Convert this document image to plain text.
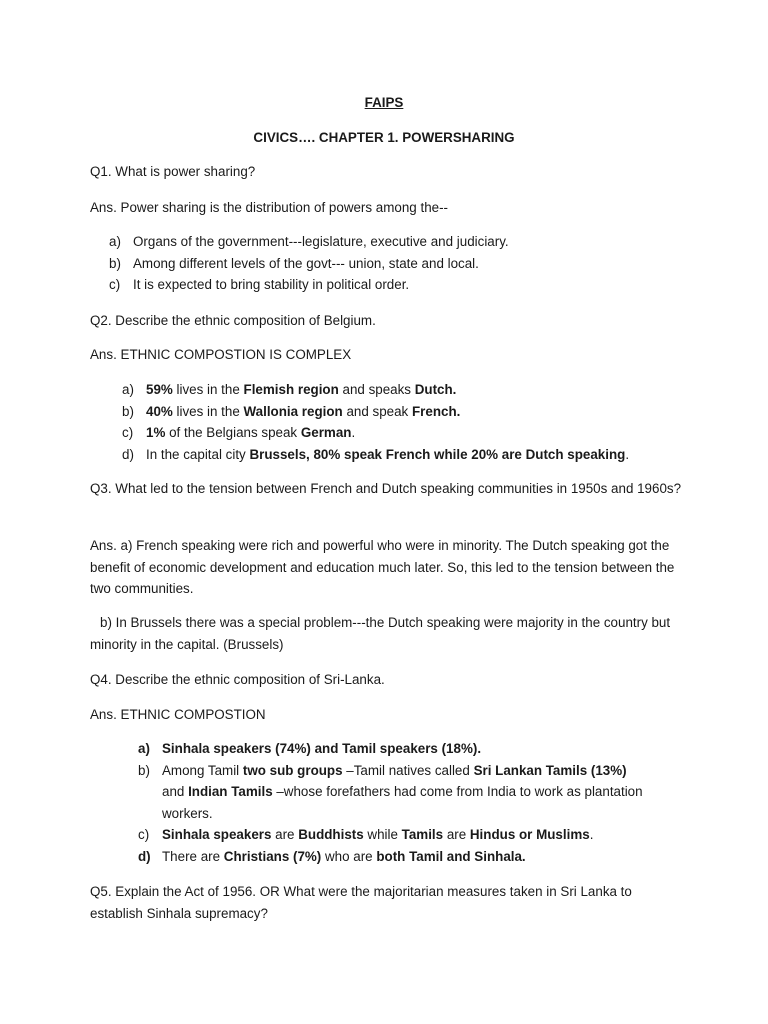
FAIPS
CIVICS…. CHAPTER 1. POWERSHARING
Q1. What is power sharing?
Ans. Power sharing is the distribution of powers among the--
a) Organs of the government---legislature, executive and judiciary.
b) Among different levels of the govt--- union, state and local.
c) It is expected to bring stability in political order.
Q2. Describe the ethnic composition of Belgium.
Ans. ETHNIC COMPOSTION IS COMPLEX
a) 59% lives in the Flemish region and speaks Dutch.
b) 40% lives in the Wallonia region and speak French.
c) 1% of the Belgians speak German.
d) In the capital city Brussels, 80% speak French while 20% are Dutch speaking.
Q3. What led to the tension between French and Dutch speaking communities in 1950s and 1960s?
Ans. a) French speaking were rich and powerful who were in minority. The Dutch speaking got the benefit of economic development and education much later. So, this led to the tension between the two communities.
b) In Brussels there was a special problem---the Dutch speaking were majority in the country but minority in the capital. (Brussels)
Q4. Describe the ethnic composition of Sri-Lanka.
Ans. ETHNIC COMPOSTION
a) Sinhala speakers (74%) and Tamil speakers (18%).
b) Among Tamil two sub groups –Tamil natives called Sri Lankan Tamils (13%) and Indian Tamils –whose forefathers had come from India to work as plantation workers.
c) Sinhala speakers are Buddhists while Tamils are Hindus or Muslims.
d) There are Christians (7%) who are both Tamil and Sinhala.
Q5. Explain the Act of 1956. OR What were the majoritarian measures taken in Sri Lanka to establish Sinhala supremacy?
